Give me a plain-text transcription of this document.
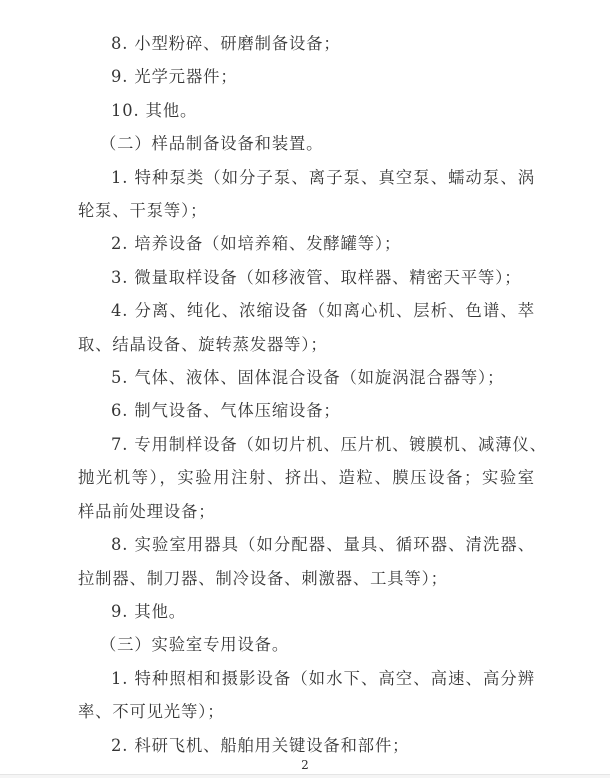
8. 小型粉碎、研磨制备设备；
9. 光学元器件；
10. 其他。
（二）样品制备设备和装置。
1. 特种泵类（如分子泵、离子泵、真空泵、蠕动泵、涡
轮泵、干泵等）；
2. 培养设备（如培养箱、发酵罐等）；
3. 微量取样设备（如移液管、取样器、精密天平等）；
4. 分离、纯化、浓缩设备（如离心机、层析、色谱、萃
取、结晶设备、旋转蒸发器等）；
5. 气体、液体、固体混合设备（如旋涡混合器等）；
6. 制气设备、气体压缩设备；
7. 专用制样设备（如切片机、压片机、镀膜机、减薄仪、
抛光机等），实验用注射、挤出、造粒、膜压设备；实验室
样品前处理设备；
8. 实验室用器具（如分配器、量具、循环器、清洗器、
拉制器、制刀器、制冷设备、刺激器、工具等）；
9. 其他。
（三）实验室专用设备。
1. 特种照相和摄影设备（如水下、高空、高速、高分辨
率、不可见光等）；
2. 科研飞机、船舶用关键设备和部件；
2
